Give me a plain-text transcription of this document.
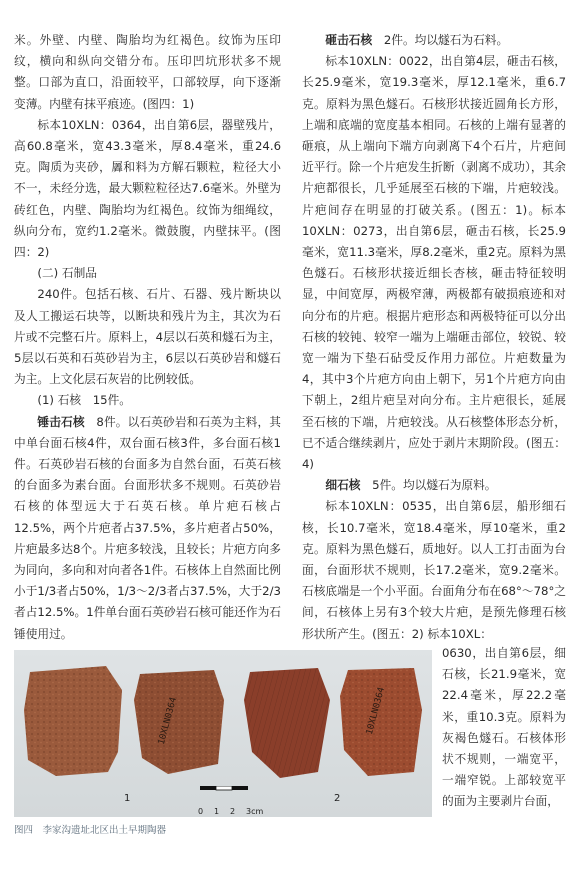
米。外壁、内壁、陶胎均为红褐色。纹饰为压印纹，横向和纵向交错分布。压印凹坑形状多不规整。口部为直口，沿面较平，口部较厚，向下逐渐变薄。内壁有抹平痕迹。(图四：1)

标本10XLN：0364，出自第6层，器壁残片，高60.8毫米，宽43.3毫米，厚8.4毫米，重24.6克。陶质为夹砂，羼和料为方解石颗粒，粒径大小不一，未经分选，最大颗粒粒径达7.6毫米。外壁为砖红色，内壁、陶胎均为红褐色。纹饰为细绳纹，纵向分布，宽约1.2毫米。微鼓腹，内壁抹平。(图四：2)

(二) 石制品

240件。包括石核、石片、石器、残片断块以及人工搬运石块等，以断块和残片为主，其次为石片或不完整石片。原料上，4层以石英和燧石为主，5层以石英和石英砂岩为主，6层以石英砂岩和燧石为主。上文化层石灰岩的比例较低。

(1) 石核　15件。

锤击石核　8件。以石英砂岩和石英为主料，其中单台面石核4件，双台面石核3件，多台面石核1件。石英砂岩石核的台面多为自然台面，石英石核的台面多为素台面。台面形状多不规则。石英砂岩石核的体型远大于石英石核。单片疤石核占12.5%，两个片疤者占37.5%，多片疤者占50%，片疤最多达8个。片疤多较浅，且较长；片疤方向多为同向，多向和对向者各1件。石核体上自然面比例小于1/3者占50%，1/3～2/3者占37.5%，大于2/3者占12.5%。1件单台面石英砂岩石核可能还作为石锤使用过。

砸击石核　2件。均以燧石为石料。

标本10XLN：0022，出自第4层，砸击石核，长25.9毫米，宽19.3毫米，厚12.1毫米，重6.7克。原料为黑色燧石。石核形状接近圆角长方形，上端和底端的宽度基本相同。石核的上端有显著的砸痕，从上端向下端方向剥离下4个石片，片疤间近平行。除一个片疤发生折断（剥离不成功），其余片疤都很长，几乎延展至石核的下端，片疤较浅。片疤间存在明显的打破关系。(图五：1)。标本10XLN：0273，出自第6层，砸击石核，长25.9毫米，宽11.3毫米，厚8.2毫米，重2克。原料为黑色燧石。石核形状接近细长杏核，砸击特征较明显，中间宽厚，两极窄薄，两极都有破损痕迹和对向分布的片疤。根据片疤形态和两极特征可以分出石核的较钝、较窄一端为上端砸击部位，较锐、较宽一端为下垫石砧受反作用力部位。片疤数量为4，其中3个片疤方向由上朝下，另1个片疤方向由下朝上，2组片疤呈对向分布。主片疤很长，延展至石核的下端，片疤较浅。从石核整体形态分析，已不适合继续剥片，应处于剥片末期阶段。(图五：4)

细石核　5件。均以燧石为原料。

标本10XLN：0535，出自第6层，船形细石核，长10.7毫米，宽18.4毫米，厚10毫米，重2克。原料为黑色燧石，质地好。以人工打击面为台面，台面形状不规则，长17.2毫米，宽9.2毫米。石核底端是一个小平面。台面角分布在68°～78°之间，石核体上另有3个较大片疤，是预先修理石核形状所产生。(图五：2) 标本10XL：

0630，出自第6层，细石核，长21.9毫米，宽22.4毫米，厚22.2毫米，重10.3克。原料为灰褐色燧石。石核体形状不规则，一端宽平，一端窄锐。上部较宽平的面为主要剥片台面，

10XLN0364	10XLN0364
1	2
0 1 2 3cm
图四　李家沟遗址北区出土早期陶器
